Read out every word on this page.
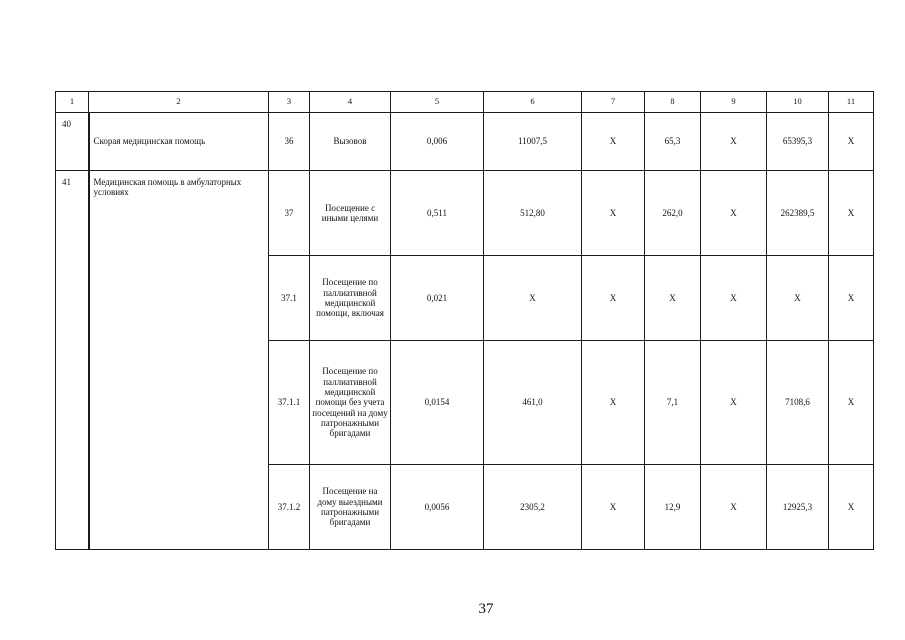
1	2	3	4	5	6	7	8	9	10	11
40	Скорая медицинская помощь	36	Вызовов	0,006	11007,5	X	65,3	X	65395,3	X
41	Медицинская помощь в амбулаторных условиях	37	Посещение с иными целями	0,511	512,80	X	262,0	X	262389,5	X
		37.1	Посещение по паллиативной медицинской помощи, включая	0,021	X	X	X	X	X	X
		37.1.1	Посещение по паллиативной медицинской помощи без учета посещений на дому патронажными бригадами	0,0154	461,0	X	7,1	X	7108,6	X
		37.1.2	Посещение на дому выездными патронажными бригадами	0,0056	2305,2	X	12,9	X	12925,3	X
37
